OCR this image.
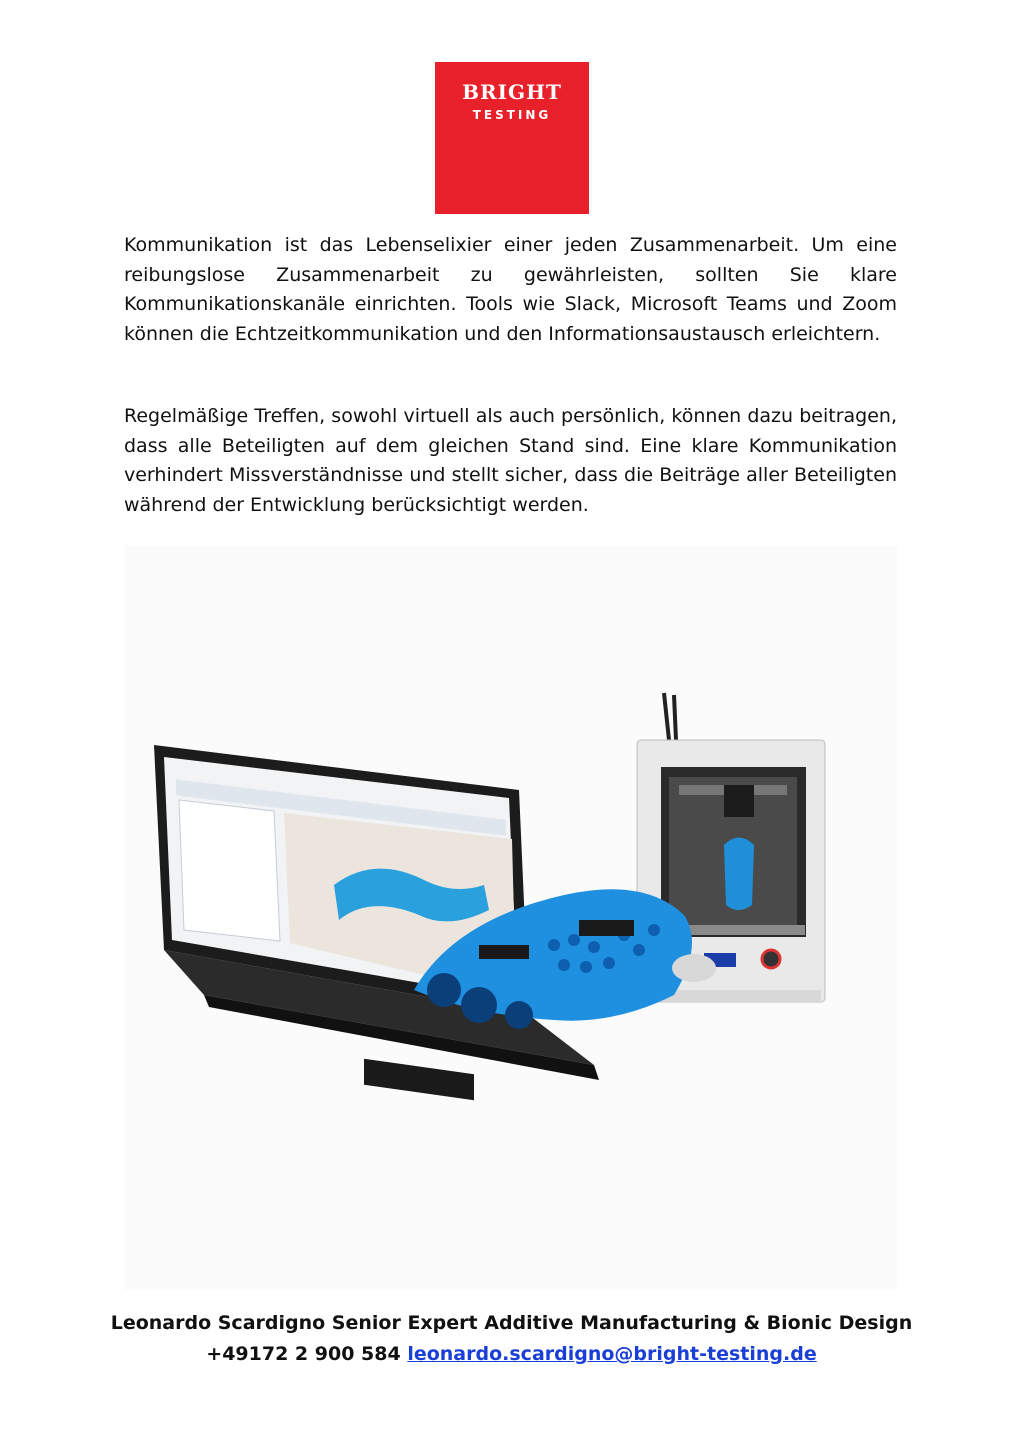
BRIGHT
TESTING

Kommunikation ist das Lebenselixier einer jeden Zusammenarbeit. Um eine reibungslose Zusammenarbeit zu gewährleisten, sollten Sie klare Kommunikationskanäle einrichten. Tools wie Slack, Microsoft Teams und Zoom können die Echtzeitkommunikation und den Informationsaustausch erleichtern.

Regelmäßige Treffen, sowohl virtuell als auch persönlich, können dazu beitragen, dass alle Beteiligten auf dem gleichen Stand sind. Eine klare Kommunikation verhindert Missverständnisse und stellt sicher, dass die Beiträge aller Beteiligten während der Entwicklung berücksichtigt werden.

Leonardo Scardigno Senior Expert Additive Manufacturing & Bionic Design
+49172 2 900 584 leonardo.scardigno@bright-testing.de
